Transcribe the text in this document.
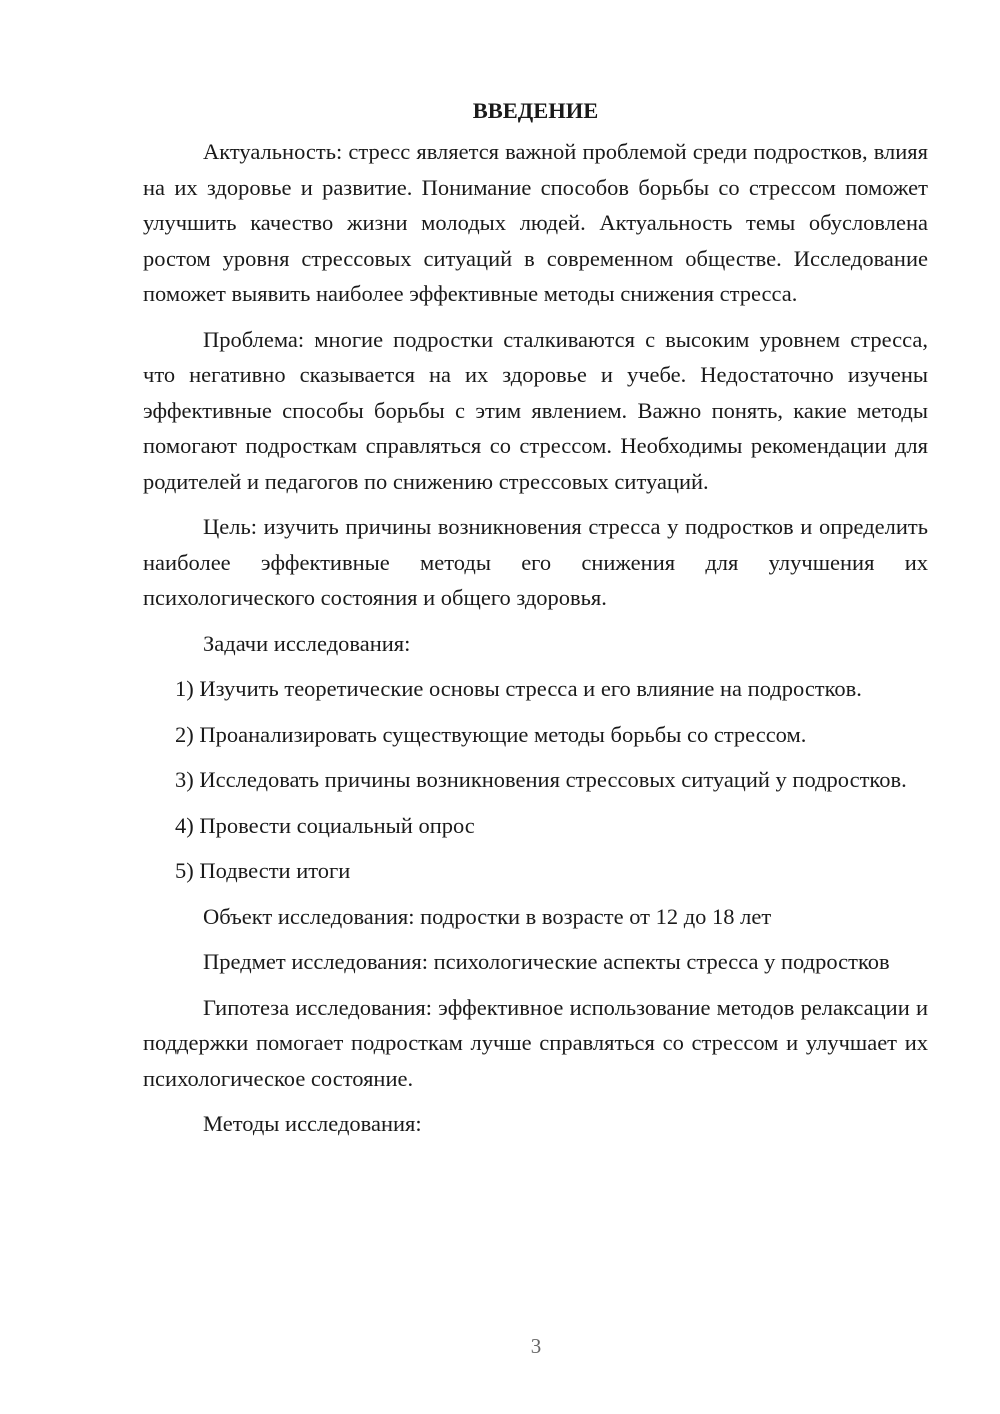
ВВЕДЕНИЕ

Актуальность: стресс является важной проблемой среди подростков, влияя на их здоровье и развитие. Понимание способов борьбы со стрессом поможет улучшить качество жизни молодых людей. Актуальность темы обусловлена ростом уровня стрессовых ситуаций в современном обществе. Исследование поможет выявить наиболее эффективные методы снижения стресса.

Проблема: многие подростки сталкиваются с высоким уровнем стресса, что негативно сказывается на их здоровье и учебе. Недостаточно изучены эффективные способы борьбы с этим явлением. Важно понять, какие методы помогают подросткам справляться со стрессом. Необходимы рекомендации для родителей и педагогов по снижению стрессовых ситуаций.

Цель: изучить причины возникновения стресса у подростков и определить наиболее эффективные методы его снижения для улучшения их психологического состояния и общего здоровья.

Задачи исследования:

1) Изучить теоретические основы стресса и его влияние на подростков.

2) Проанализировать существующие методы борьбы со стрессом.

3) Исследовать причины возникновения стрессовых ситуаций у подростков.

4) Провести социальный опрос

5) Подвести итоги

Объект исследования: подростки в возрасте от 12 до 18 лет

Предмет исследования: психологические аспекты стресса у подростков

Гипотеза исследования: эффективное использование методов релаксации и поддержки помогает подросткам лучше справляться со стрессом и улучшает их психологическое состояние.

Методы исследования:

3
